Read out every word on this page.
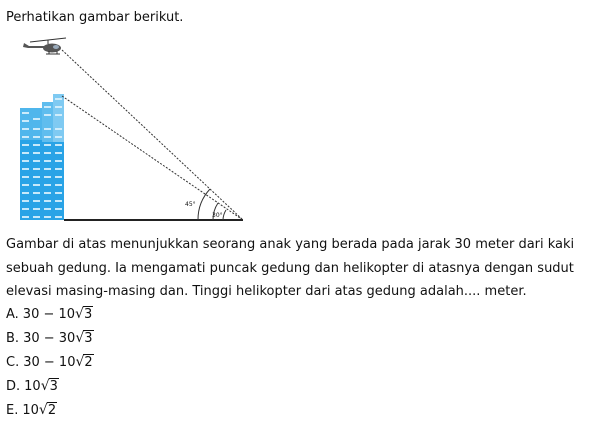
Perhatikan gambar berikut.
45°
30°

Gambar di atas menunjukkan seorang anak yang berada pada jarak 30 meter dari kaki

sebuah gedung. Ia mengamati puncak gedung dan helikopter di atasnya dengan sudut

elevasi masing-masing dan. Tinggi helikopter dari atas gedung adalah.... meter.

A. 30 − 10√3
B. 30 − 30√3
C. 30 − 10√2
D. 10√3
E. 10√2
